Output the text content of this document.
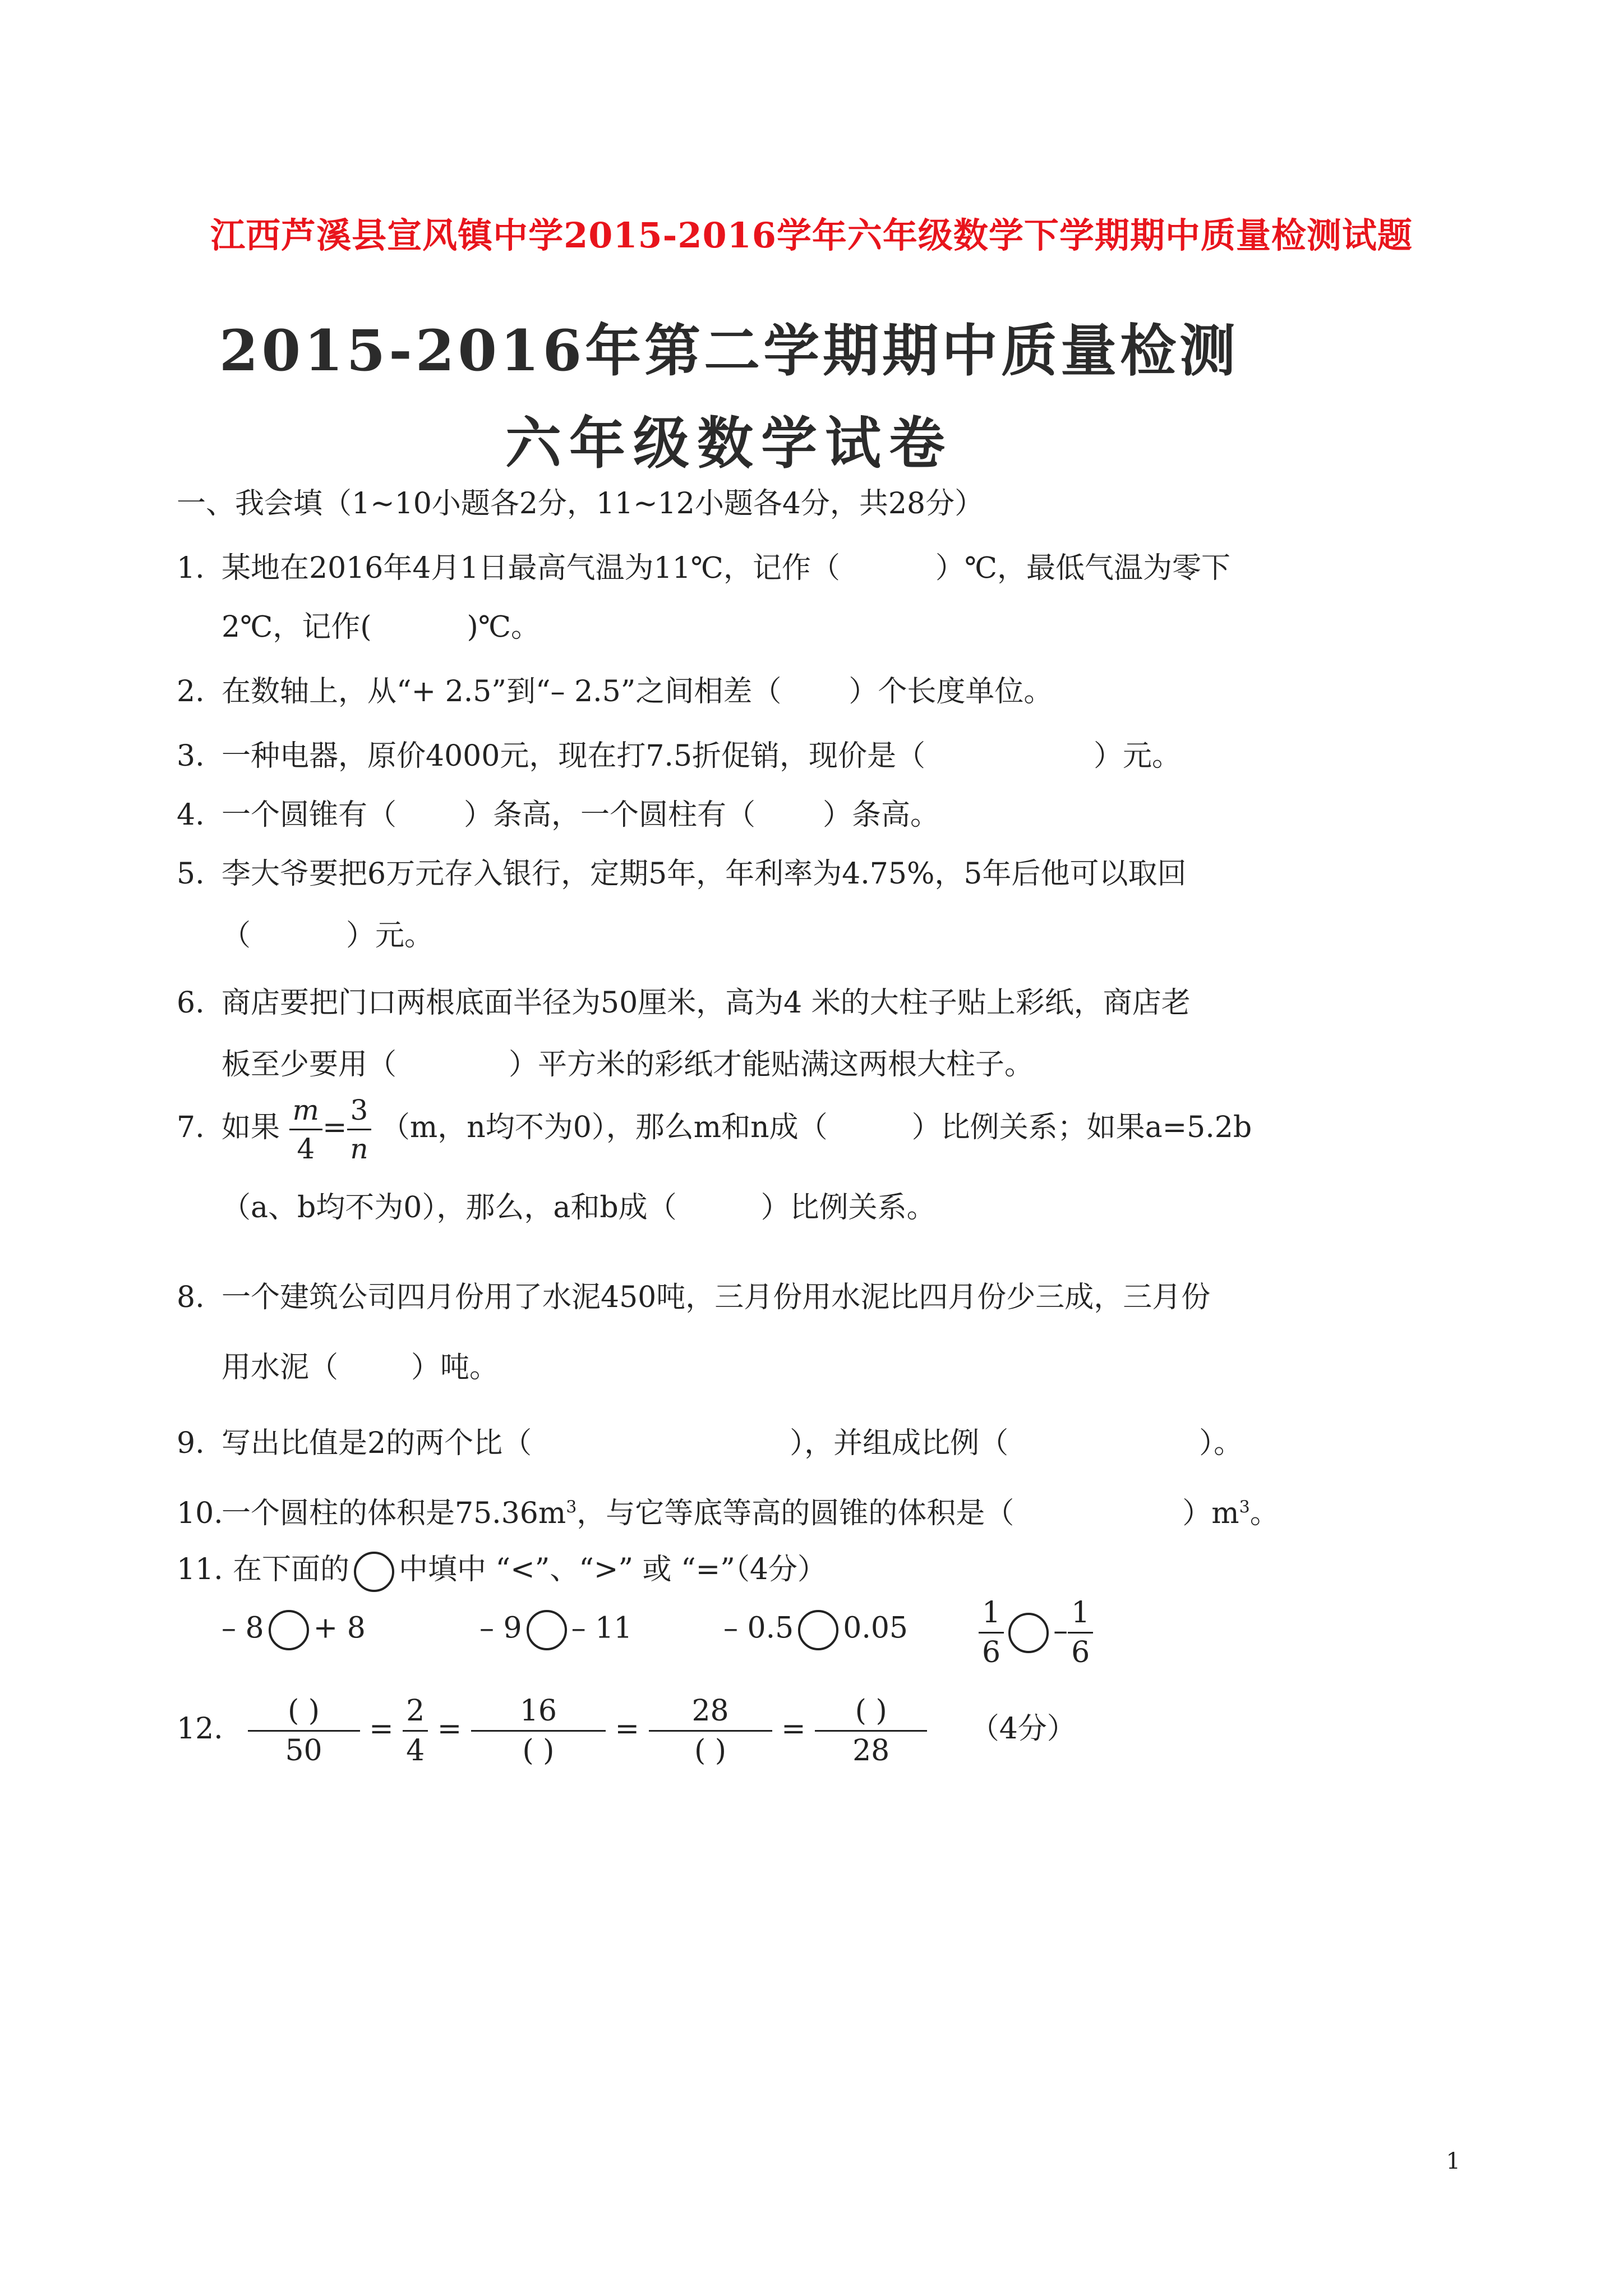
江西芦溪县宣风镇中学2015-2016学年六年级数学下学期期中质量检测试题
2015-2016年第二学期期中质量检测
六年级数学试卷
一、我会填（1~10小题各2分，11~12小题各4分，共28分）
1. 某地在2016年4月1日最高气温为11℃，记作（	）℃，最低气温为零下
2℃，记作(	)℃。
2. 在数轴上，从“+ 2.5”到“– 2.5”之间相差（ ）个长度单位。
3. 一种电器，原价4000元，现在打7.5折促销，现价是（	）元。
4. 一个圆锥有（ ）条高，一个圆柱有（ ）条高。
5. 李大爷要把6万元存入银行，定期5年，年利率为4.75%，5年后他可以取回
（	）元。
6. 商店要把门口两根底面半径为50厘米，高为4 米的大柱子贴上彩纸，商店老
板至少要用（	）平方米的彩纸才能贴满这两根大柱子。
7. 如果 $\frac{m}{4} = \frac{3}{n} (m$，n均不为0），那么m和n成（	）比例关系；如果a=5.2b
（a、b均不为0），那么，a和b成（	）比例关系。
8. 一个建筑公司四月份用了水泥450吨，三月份用水泥比四月份少三成，三月份
用水泥（	）吨。
9. 写出比值是2的两个比（	），并组成比例（	）。
10.一个圆柱的体积是$75.36m^3$，与它等底等高的圆锥的体积是（	）$m^3$。
11. 在下面的 中填中 “<”、“>” 或 “=”（4分）
– 8 + 8	– 9 – 11	– 0.5 $0.05 \frac{1}{6} - \frac{1}{6}$
12. $\frac{( )}{50} = \frac{2}{4} = \frac{16}{( )} = \frac{28}{( )} = \frac{( )}{28} (4$分）
1
